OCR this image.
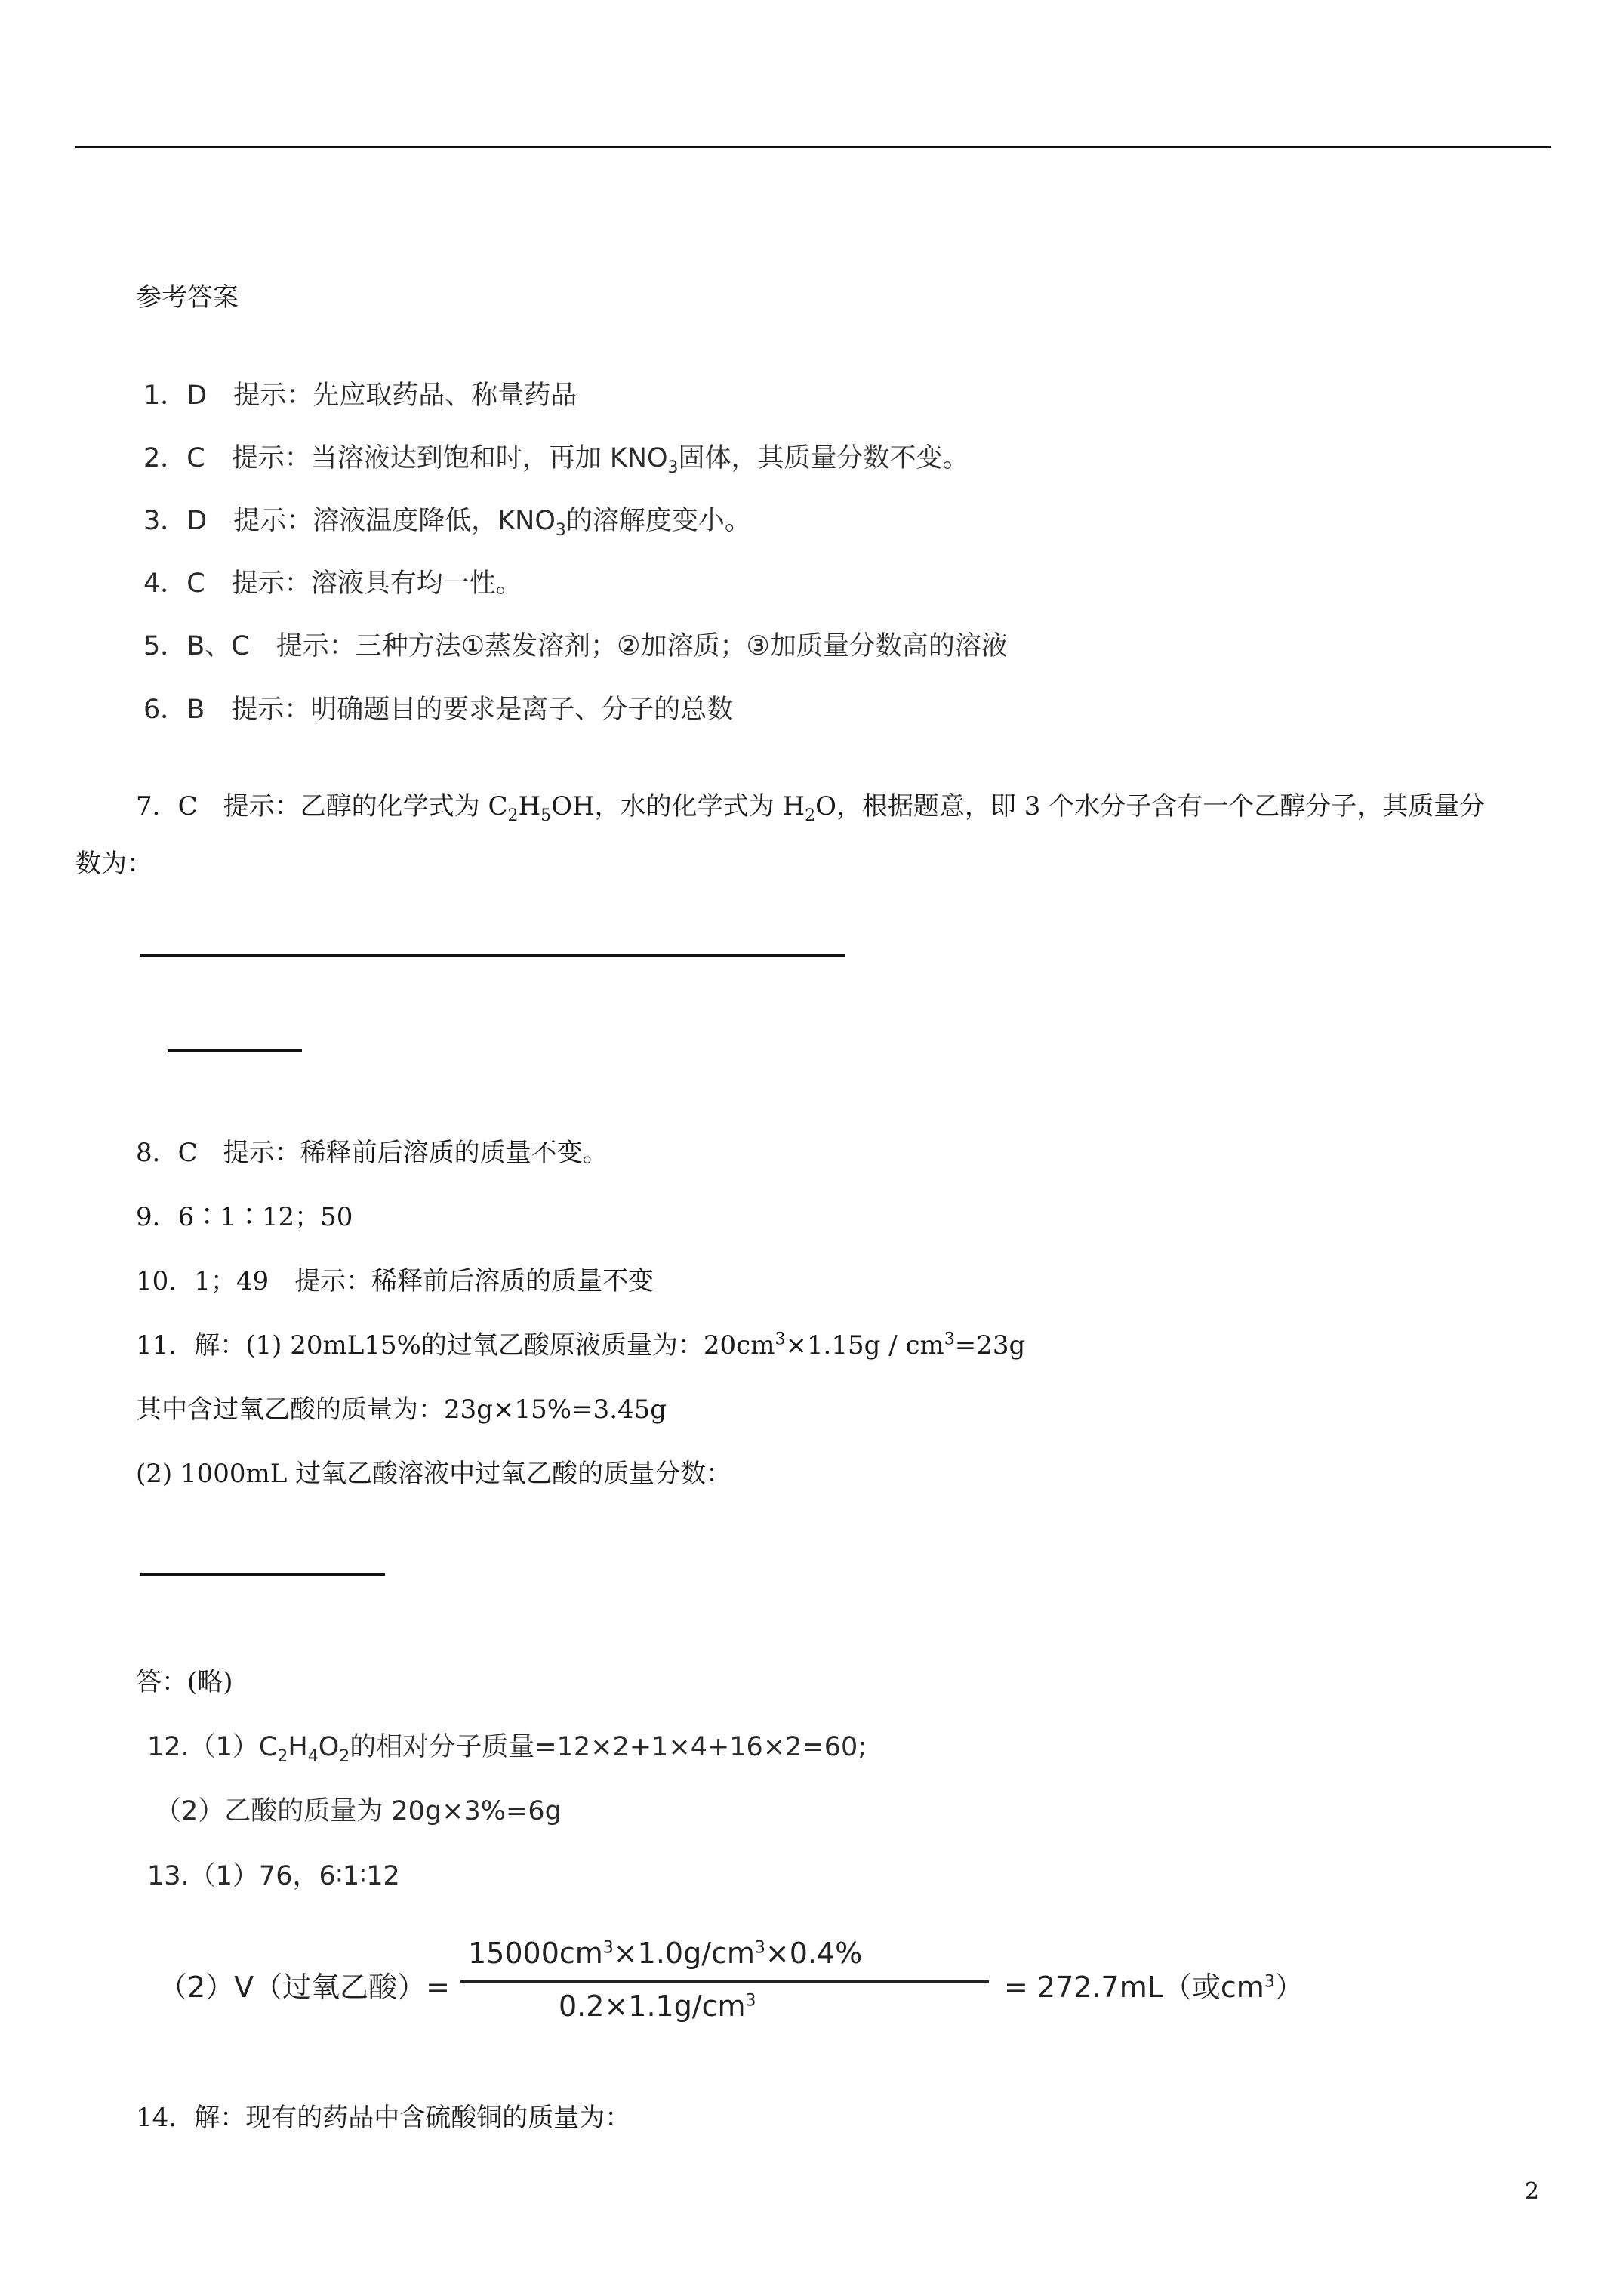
参考答案
1．D　提示：先应取药品、称量药品
2．C　提示：当溶液达到饱和时，再加 $KNO_3$固体，其质量分数不变。
3．D　提示：溶液温度降低，$KNO_3$的溶解度变小。
4．C　提示：溶液具有均一性。
5．B、C　提示：三种方法①蒸发溶剂；②加溶质；③加质量分数高的溶液
6．B　提示：明确题目的要求是离子、分子的总数
7．C　提示：乙醇的化学式为 $C_2H_5OH$，水的化学式为 $H_2O$，根据题意，即 3 个水分子含有一个乙醇分子，其质量分
数为：
8．C　提示：稀释前后溶质的质量不变。
9．6∶1∶12；50
10．1；49　提示：稀释前后溶质的质量不变
11．解：(1) 20mL15%的过氧乙酸原液质量为：$20cm^3\times 1.15g / cm^3=23g$
其中含过氧乙酸的质量为：23g×15%=3.45g
(2) 1000mL 过氧乙酸溶液中过氧乙酸的质量分数：
答：(略)
$12.(1)C_2H_4O_2$的相对分子质量=12×2+1×4+16×2=60;
（2）乙酸的质量为 20g×3%=6g
13.（1）76，6∶1∶12
（2）V（过氧乙酸）=
$15000cm^3\times 1.0g/cm^3\times 0.4\%$
$0.2\times 1.1g/cm^3$	= 272.7mL（或$cm^3$）
14．解：现有的药品中含硫酸铜的质量为：
2
